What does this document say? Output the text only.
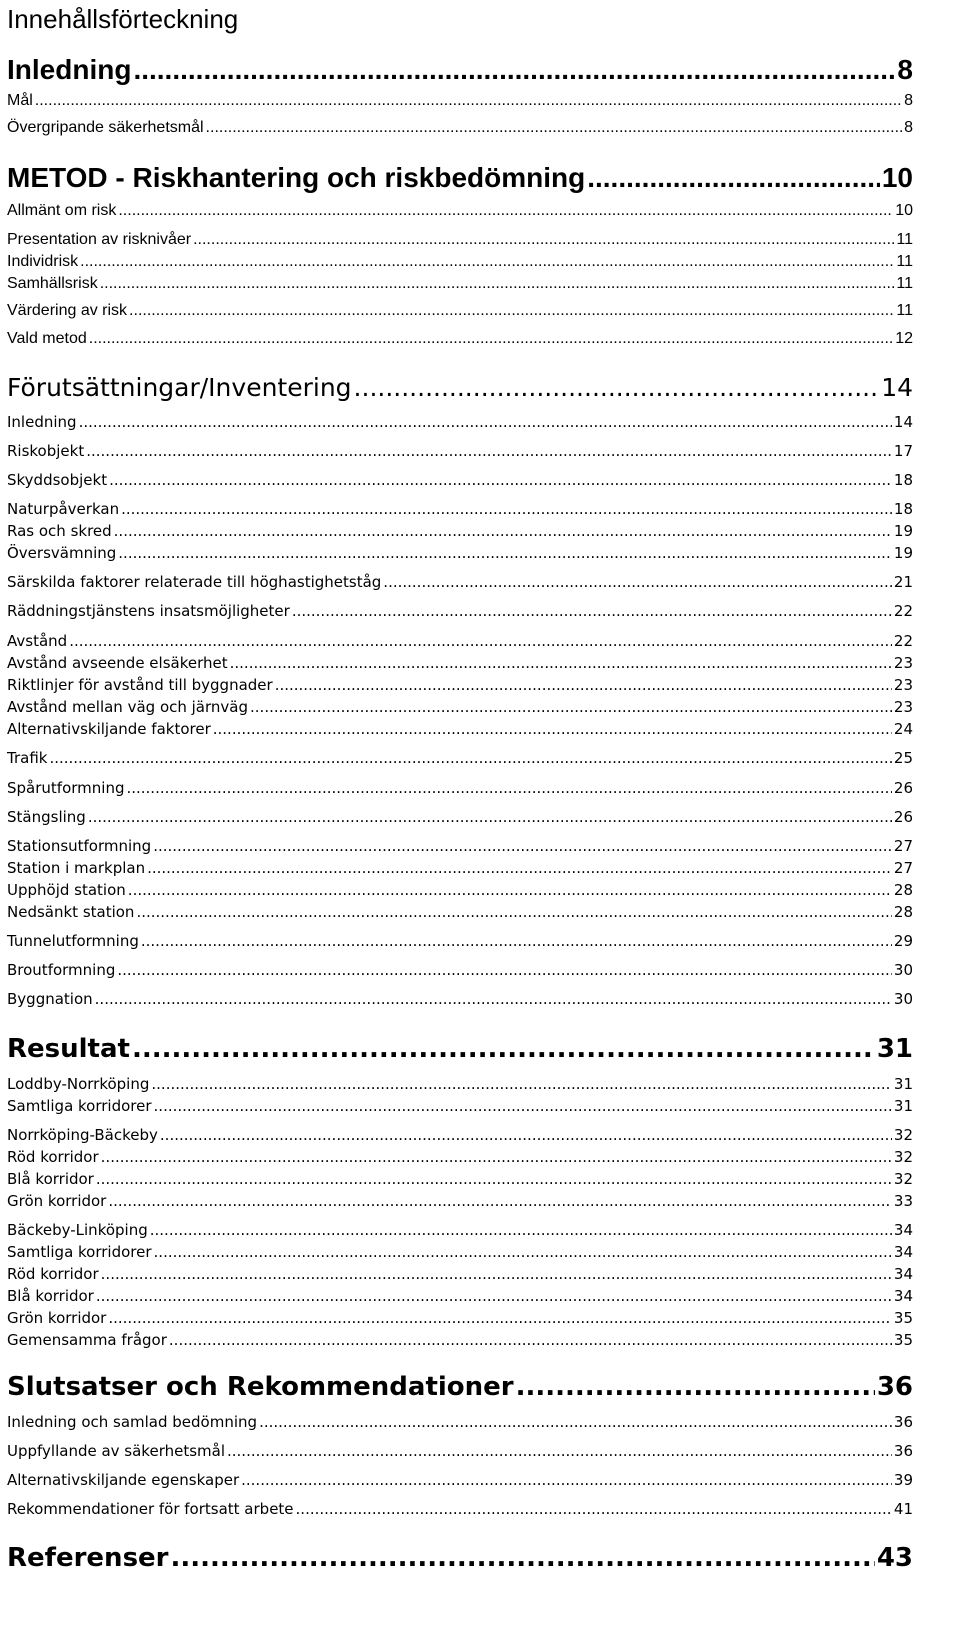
Innehållsförteckning
Inledning .....	8
Mål .....	8
Övergripande säkerhetsmål .....	8
METOD - Riskhantering och riskbedömning .....	10
Allmänt om risk .....	10
Presentation av risknivåer .....	11
Individrisk .....	11
Samhällsrisk .....	11
Värdering av risk .....	11
Vald metod .....	12
Förutsättningar/Inventering .....	14
Inledning .....	14
Riskobjekt .....	17
Skyddsobjekt .....	18
Naturpåverkan .....	18
Ras och skred .....	19
Översvämning .....	19
Särskilda faktorer relaterade till höghastighetståg .....	21
Räddningstjänstens insatsmöjligheter .....	22
Avstånd .....	22
Avstånd avseende elsäkerhet .....	23
Riktlinjer för avstånd till byggnader .....	23
Avstånd mellan väg och järnväg .....	23
Alternativskiljande faktorer .....	24
Trafik .....	25
Spårutformning .....	26
Stängsling .....	26
Stationsutformning .....	27
Station i markplan .....	27
Upphöjd station .....	28
Nedsänkt station .....	28
Tunnelutformning .....	29
Broutformning .....	30
Byggnation .....	30
Resultat .....	31
Loddby-Norrköping .....	31
Samtliga korridorer .....	31
Norrköping-Bäckeby .....	32
Röd korridor .....	32
Blå korridor .....	32
Grön korridor .....	33
Bäckeby-Linköping .....	34
Samtliga korridorer .....	34
Röd korridor .....	34
Blå korridor .....	34
Grön korridor .....	35
Gemensamma frågor .....	35
Slutsatser och Rekommendationer .....	36
Inledning och samlad bedömning .....	36
Uppfyllande av säkerhetsmål .....	36
Alternativskiljande egenskaper .....	39
Rekommendationer för fortsatt arbete .....	41
Referenser .....	43
